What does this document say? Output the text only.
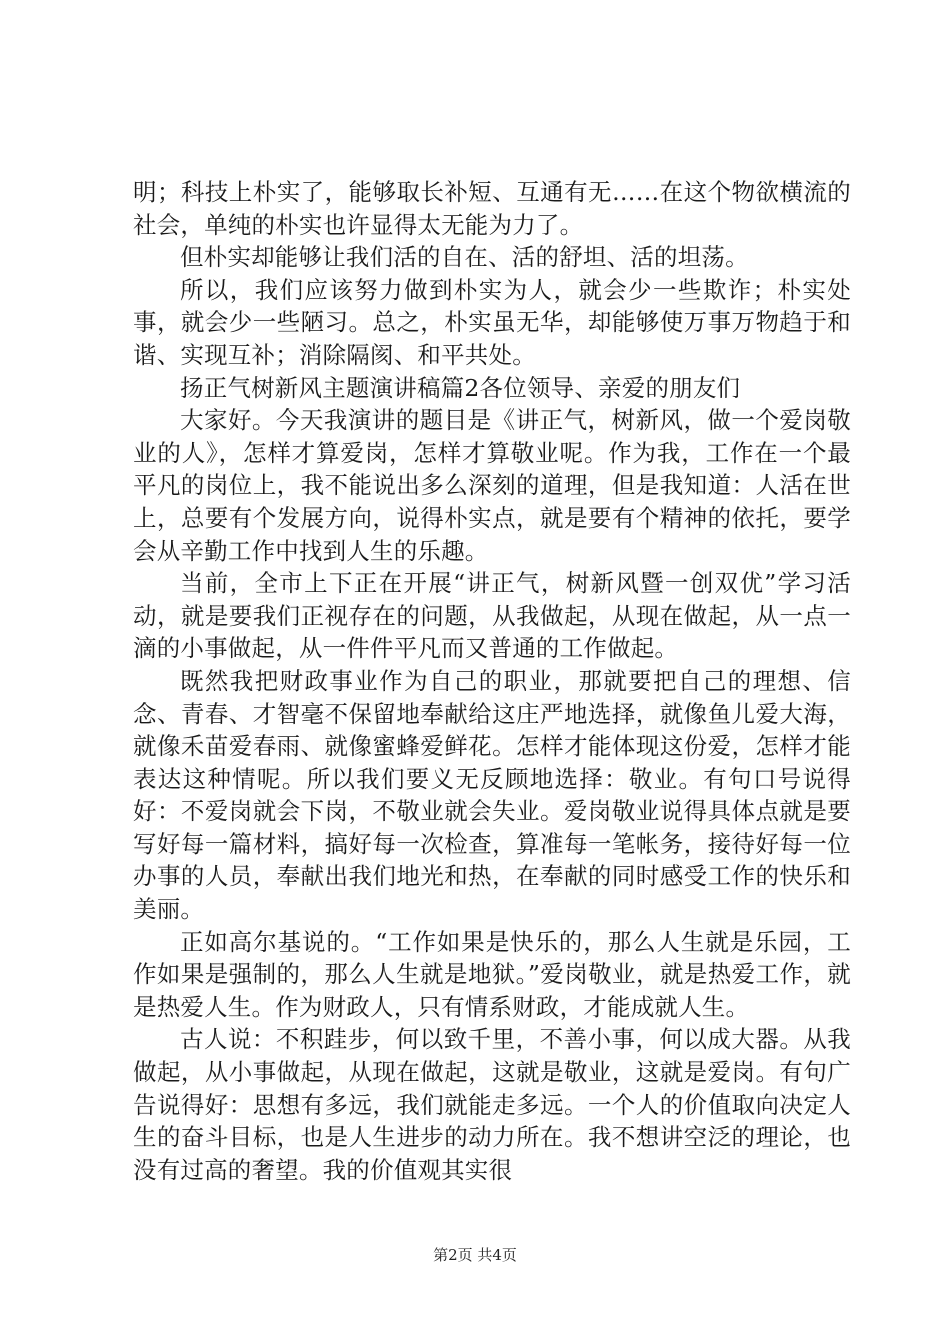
明；科技上朴实了，能够取长补短、互通有无……在这个物欲横流的社会，单纯的朴实也许显得太无能为力了。

但朴实却能够让我们活的自在、活的舒坦、活的坦荡。

所以，我们应该努力做到朴实为人，就会少一些欺诈；朴实处事，就会少一些陋习。总之，朴实虽无华，却能够使万事万物趋于和谐、实现互补；消除隔阂、和平共处。

扬正气树新风主题演讲稿篇2各位领导、亲爱的朋友们

大家好。今天我演讲的题目是《讲正气，树新风，做一个爱岗敬业的人》，怎样才算爱岗，怎样才算敬业呢。作为我，工作在一个最平凡的岗位上，我不能说出多么深刻的道理，但是我知道：人活在世上，总要有个发展方向，说得朴实点，就是要有个精神的依托，要学会从辛勤工作中找到人生的乐趣。

当前，全市上下正在开展“讲正气，树新风暨一创双优”学习活动，就是要我们正视存在的问题，从我做起，从现在做起，从一点一滴的小事做起，从一件件平凡而又普通的工作做起。

既然我把财政事业作为自己的职业，那就要把自己的理想、信念、青春、才智毫不保留地奉献给这庄严地选择，就像鱼儿爱大海，就像禾苗爱春雨、就像蜜蜂爱鲜花。怎样才能体现这份爱，怎样才能表达这种情呢。所以我们要义无反顾地选择：敬业。有句口号说得好：不爱岗就会下岗，不敬业就会失业。爱岗敬业说得具体点就是要写好每一篇材料，搞好每一次检查，算准每一笔帐务，接待好每一位办事的人员，奉献出我们地光和热，在奉献的同时感受工作的快乐和美丽。

正如高尔基说的。“工作如果是快乐的，那么人生就是乐园，工作如果是强制的，那么人生就是地狱。”爱岗敬业，就是热爱工作，就是热爱人生。作为财政人，只有情系财政，才能成就人生。

古人说：不积跬步，何以致千里，不善小事，何以成大器。从我做起，从小事做起，从现在做起，这就是敬业，这就是爱岗。有句广告说得好：思想有多远，我们就能走多远。一个人的价值取向决定人生的奋斗目标，也是人生进步的动力所在。我不想讲空泛的理论，也没有过高的奢望。我的价值观其实很

第2页 共4页
